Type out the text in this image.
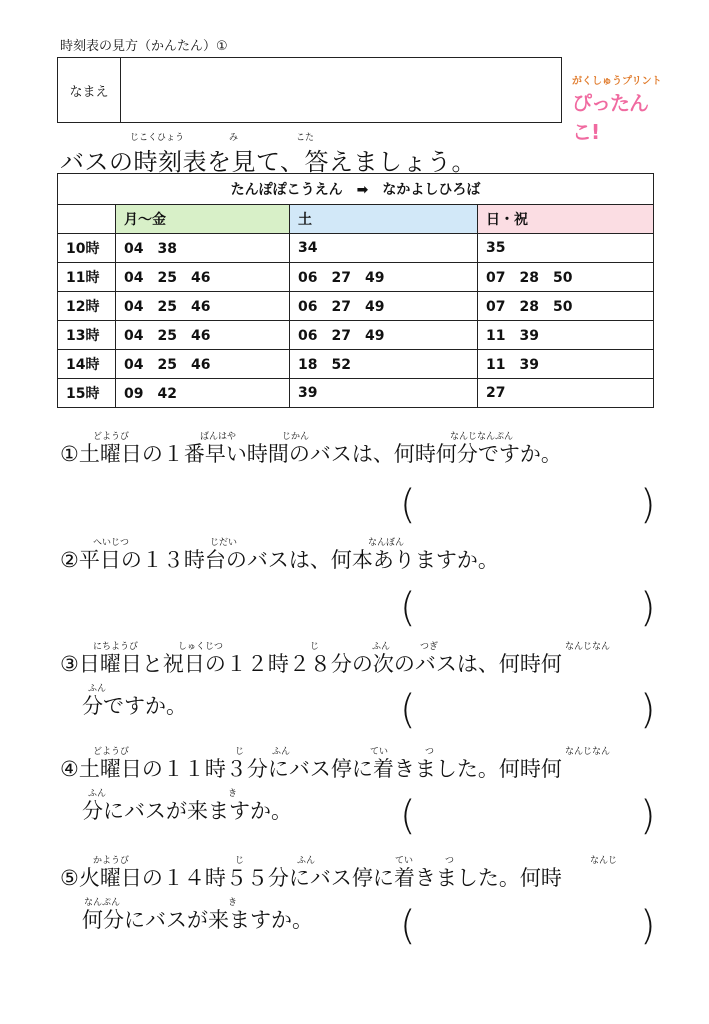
時刻表の見方（かんたん）①
なまえ
がくしゅうプリント
ぴったんこ!
じこくひょう	み	こた
バスの時刻表を見て、答えましょう。
たんぽぽこうえん　➡　なかよしひろば			
	月～金	土	日・祝
10時	04　38	34	35
11時	04　25　46	06　27　49	07　28　50
12時	04　25　46	06　27　49	07　28　50
13時	04　25　46	06　27　49	11　39
14時	04　25　46	18　52	11　39
15時	09　42	39	27
どようび	ばんはや	じかん	なんじなんぷん
①土曜日の１番早い時間のバスは、何時何分ですか。
(	)
へいじつ	じだい	なんぼん
②平日の１３時台のバスは、何本ありますか。
(	)
にちようび	しゅくじつ	じ	ふん	つぎ	なんじなん
③日曜日と祝日の１２時２８分の次のバスは、何時何
ふん
分ですか。	(	)
どようび	じ	ふん	てい	つ	なんじなん
④土曜日の１１時３分にバス停に着きました。何時何
ふん	き
分にバスが来ますか。	(	)
かようび	じ	ふん	てい	つ	なんじ
⑤火曜日の１４時５５分にバス停に着きました。何時
なんぷん	き
何分にバスが来ますか。 (	)
